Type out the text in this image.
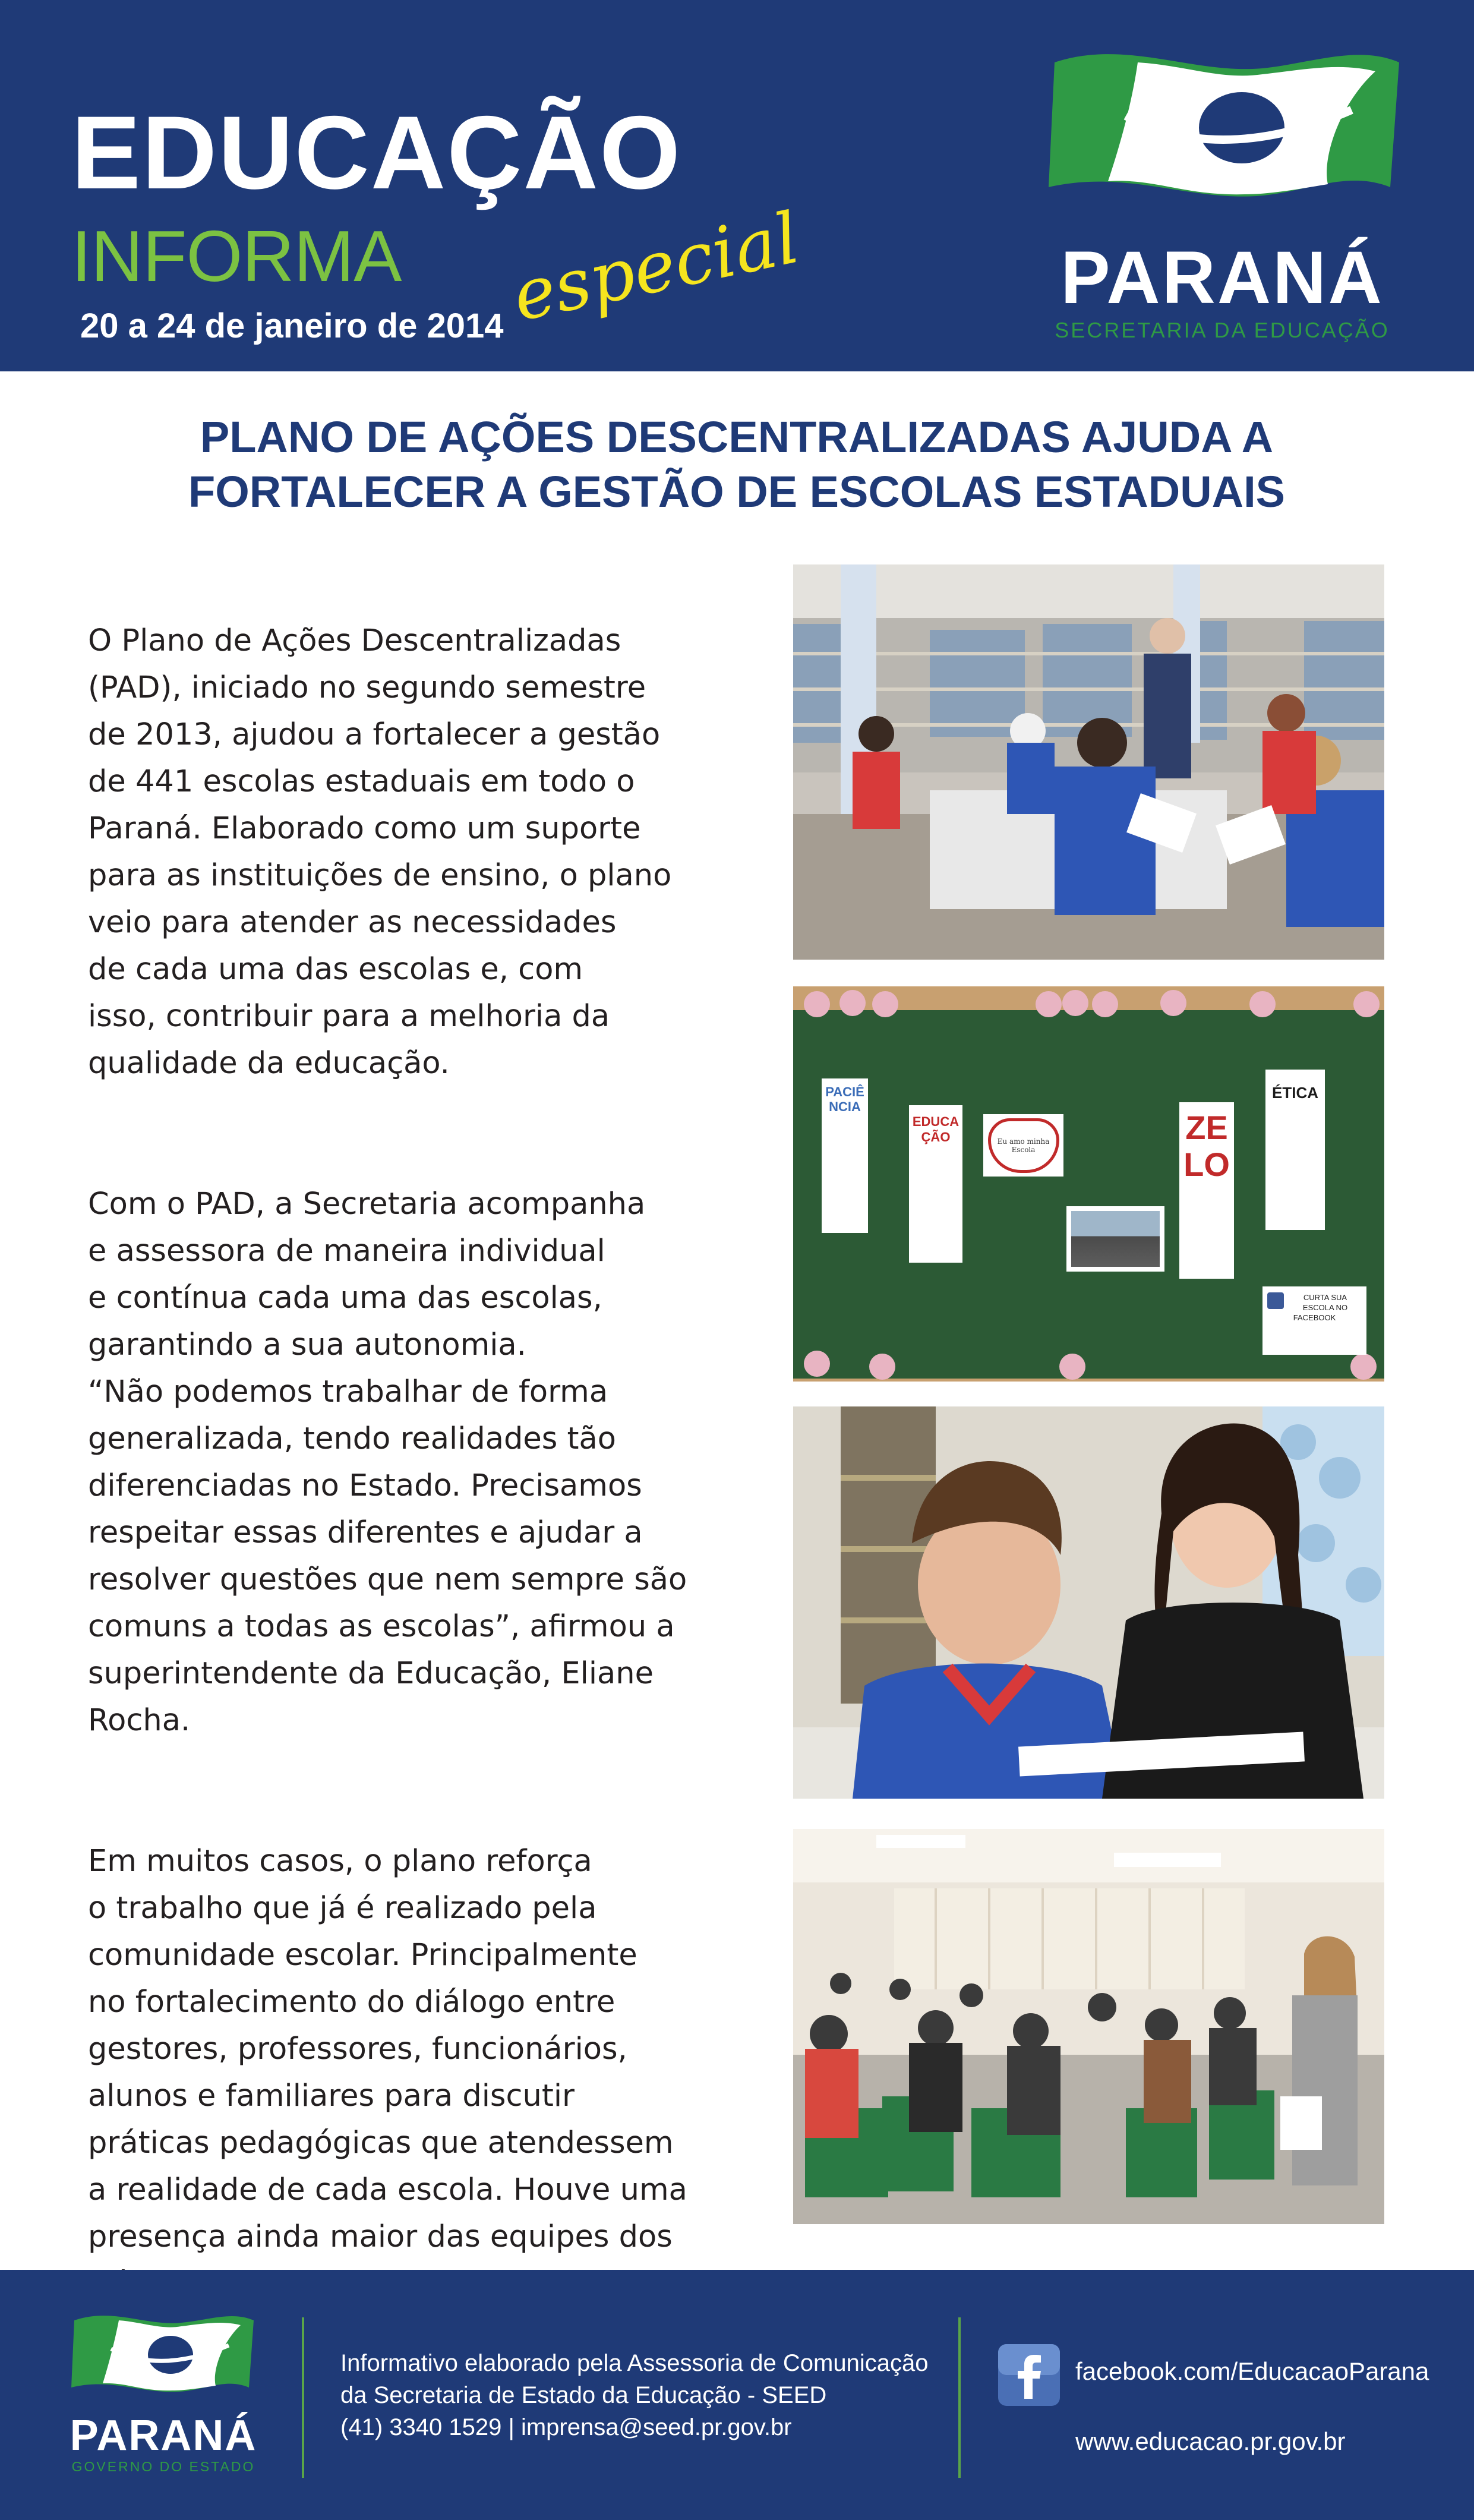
EDUCAÇÃO
INFORMA especial
20 a 24 de janeiro de 2014
PARANÁ
SECRETARIA DA EDUCAÇÃO
PLANO DE AÇÕES DESCENTRALIZADAS AJUDA A
FORTALECER A GESTÃO DE ESCOLAS ESTADUAIS

O Plano de Ações Descentralizadas
(PAD), iniciado no segundo semestre
de 2013, ajudou a fortalecer a gestão
de 441 escolas estaduais em todo o
Paraná. Elaborado como um suporte
para as instituições de ensino, o plano
veio para atender as necessidades
de cada uma das escolas e, com
isso, contribuir para a melhoria da
qualidade da educação.

Com o PAD, a Secretaria acompanha
e assessora de maneira individual
e contínua cada uma das escolas,
garantindo a sua autonomia.
“Não podemos trabalhar de forma
generalizada, tendo realidades tão
diferenciadas no Estado. Precisamos
respeitar essas diferentes e ajudar a
resolver questões que nem sempre são
comuns a todas as escolas”, afirmou a
superintendente da Educação, Eliane
Rocha.

Em muitos casos, o plano reforça
o trabalho que já é realizado pela
comunidade escolar. Principalmente
no fortalecimento do diálogo entre
gestores, professores, funcionários,
alunos e familiares para discutir
práticas pedagógicas que atendessem
a realidade de cada escola. Houve uma
presença ainda maior das equipes dos

PACIÊNCIA
EDUCAÇÃO	Eu amo minha Escola
ZELO
ÉTICA
CURTA SUA
ESCOLA NO
FACEBOOK
PARANÁ
GOVERNO DO ESTADO
Informativo elaborado pela Assessoria de Comunicação
da Secretaria de Estado da Educação - SEED
(41) 3340 1529 | imprensa@seed.pr.gov.br
facebook.com/EducacaoParana
www.educacao.pr.gov.br
